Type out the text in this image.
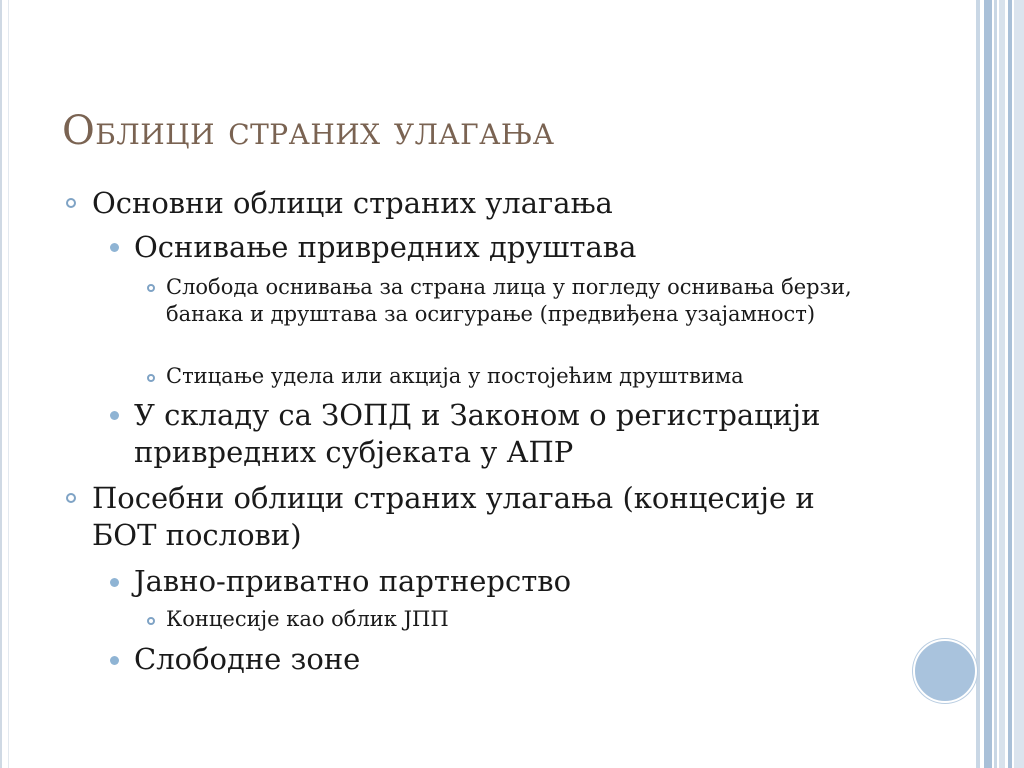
Облици страних улагања
Основни облици страних улагања
Оснивање привредних друштава
Слобода оснивања за страна лица у погледу оснивања берзи, банака и друштава за осигурање (предвиђена узајамност)
Стицање удела или акција у постојећим друштвима
У складу са ЗОПД и Законом о регистрацији привредних субјеката у АПР
Посебни облици страних улагања (концесије и БОТ послови)
Јавно-приватно партнерство
Концесије као облик ЈПП
Слободне зоне
